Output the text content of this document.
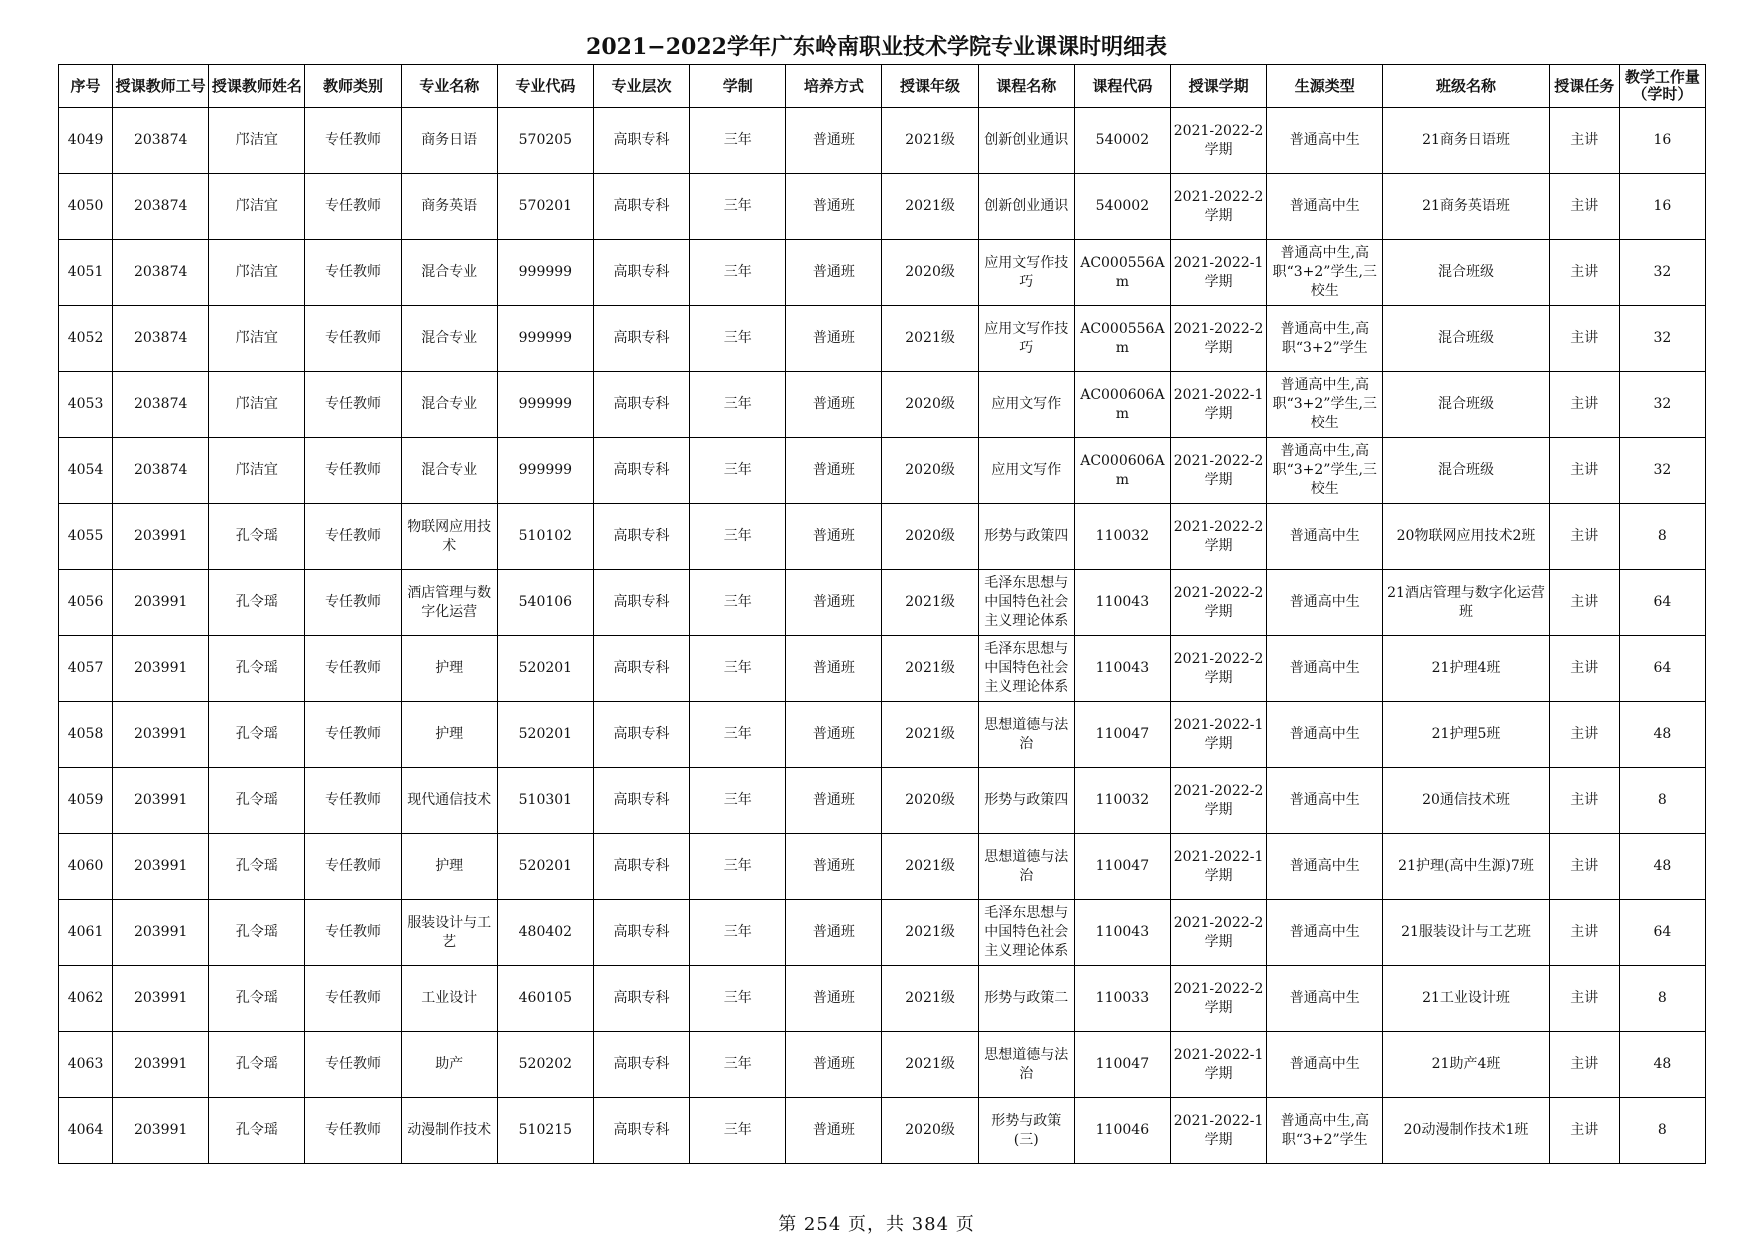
2021−2022学年广东岭南职业技术学院专业课课时明细表
序号	授课教师工号	授课教师姓名	教师类别	专业名称	专业代码	专业层次	学制	培养方式	授课年级	课程名称	课程代码	授课学期	生源类型	班级名称	授课任务	教学工作量（学时）

4049	203874	邝洁宜	专任教师	商务日语	570205	高职专科	三年	普通班	2021级	创新创业通识	540002	2021-2022-2学期	普通高中生	21商务日语班	主讲	16

4050	203874	邝洁宜	专任教师	商务英语	570201	高职专科	三年	普通班	2021级	创新创业通识	540002	2021-2022-2学期	普通高中生	21商务英语班	主讲	16

4051	203874	邝洁宜	专任教师	混合专业	999999	高职专科	三年	普通班	2020级	应用文写作技巧	AC000556Am	2021-2022-1学期	普通高中生,高职“3+2”学生,三校生	混合班级	主讲	32

4052	203874	邝洁宜	专任教师	混合专业	999999	高职专科	三年	普通班	2021级	应用文写作技巧	AC000556Am	2021-2022-2学期	普通高中生,高职“3+2”学生	混合班级	主讲	32

4053	203874	邝洁宜	专任教师	混合专业	999999	高职专科	三年	普通班	2020级	应用文写作	AC000606Am	2021-2022-1学期	普通高中生,高职“3+2”学生,三校生	混合班级	主讲	32

4054	203874	邝洁宜	专任教师	混合专业	999999	高职专科	三年	普通班	2020级	应用文写作	AC000606Am	2021-2022-2学期	普通高中生,高职“3+2”学生,三校生	混合班级	主讲	32

4055	203991	孔令瑶	专任教师	物联网应用技术	510102	高职专科	三年	普通班	2020级	形势与政策四	110032	2021-2022-2学期	普通高中生	20物联网应用技术2班	主讲	8

4056	203991	孔令瑶	专任教师	酒店管理与数字化运营	540106	高职专科	三年	普通班	2021级	毛泽东思想与中国特色社会主义理论体系	110043	2021-2022-2学期	普通高中生	21酒店管理与数字化运营班	主讲	64

4057	203991	孔令瑶	专任教师	护理	520201	高职专科	三年	普通班	2021级	毛泽东思想与中国特色社会主义理论体系	110043	2021-2022-2学期	普通高中生	21护理4班	主讲	64

4058	203991	孔令瑶	专任教师	护理	520201	高职专科	三年	普通班	2021级	思想道德与法治	110047	2021-2022-1学期	普通高中生	21护理5班	主讲	48

4059	203991	孔令瑶	专任教师	现代通信技术	510301	高职专科	三年	普通班	2020级	形势与政策四	110032	2021-2022-2学期	普通高中生	20通信技术班	主讲	8

4060	203991	孔令瑶	专任教师	护理	520201	高职专科	三年	普通班	2021级	思想道德与法治	110047	2021-2022-1学期	普通高中生	21护理(高中生源)7班	主讲	48

4061	203991	孔令瑶	专任教师	服装设计与工艺	480402	高职专科	三年	普通班	2021级	毛泽东思想与中国特色社会主义理论体系	110043	2021-2022-2学期	普通高中生	21服装设计与工艺班	主讲	64

4062	203991	孔令瑶	专任教师	工业设计	460105	高职专科	三年	普通班	2021级	形势与政策二	110033	2021-2022-2学期	普通高中生	21工业设计班	主讲	8

4063	203991	孔令瑶	专任教师	助产	520202	高职专科	三年	普通班	2021级	思想道德与法治	110047	2021-2022-1学期	普通高中生	21助产4班	主讲	48

4064	203991	孔令瑶	专任教师	动漫制作技术	510215	高职专科	三年	普通班	2020级	形势与政策(三)	110046	2021-2022-1学期	普通高中生,高职“3+2”学生	20动漫制作技术1班	主讲	8
第 254 页，共 384 页
